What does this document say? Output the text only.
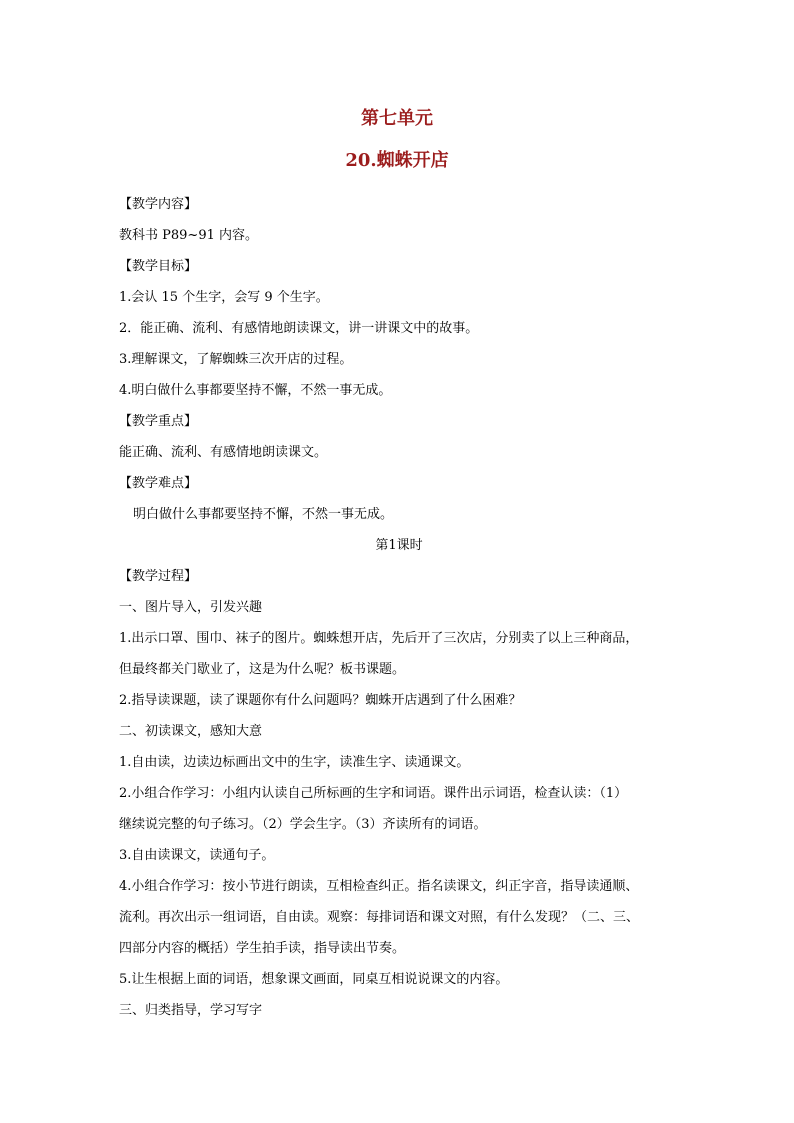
第七单元
20.蜘蛛开店
【教学内容】
教科书 P89~91 内容。
【教学目标】
1.会认 15 个生字，会写 9 个生字。
2．能正确、流利、有感情地朗读课文，讲一讲课文中的故事。
3.理解课文，了解蜘蛛三次开店的过程。
4.明白做什么事都要坚持不懈，不然一事无成。
【教学重点】
能正确、流利、有感情地朗读课文。
【教学难点】
明白做什么事都要坚持不懈，不然一事无成。
第1课时
【教学过程】
一、图片导入，引发兴趣
1.出示口罩、围巾、袜子的图片。蜘蛛想开店，先后开了三次店，分别卖了以上三种商品，
但最终都关门歇业了，这是为什么呢？板书课题。
2.指导读课题，读了课题你有什么问题吗？蜘蛛开店遇到了什么困难？
二、初读课文，感知大意
1.自由读，边读边标画出文中的生字，读准生字、读通课文。
2.小组合作学习：小组内认读自己所标画的生字和词语。课件出示词语，检查认读：（1）
继续说完整的句子练习。（2）学会生字。（3）齐读所有的词语。
3.自由读课文，读通句子。
4.小组合作学习：按小节进行朗读，互相检查纠正。指名读课文，纠正字音，指导读通顺、
流利。再次出示一组词语，自由读。观察：每排词语和课文对照，有什么发现？（二、三、
四部分内容的概括）学生拍手读，指导读出节奏。
5.让生根据上面的词语，想象课文画面，同桌互相说说课文的内容。
三、归类指导，学习写字
